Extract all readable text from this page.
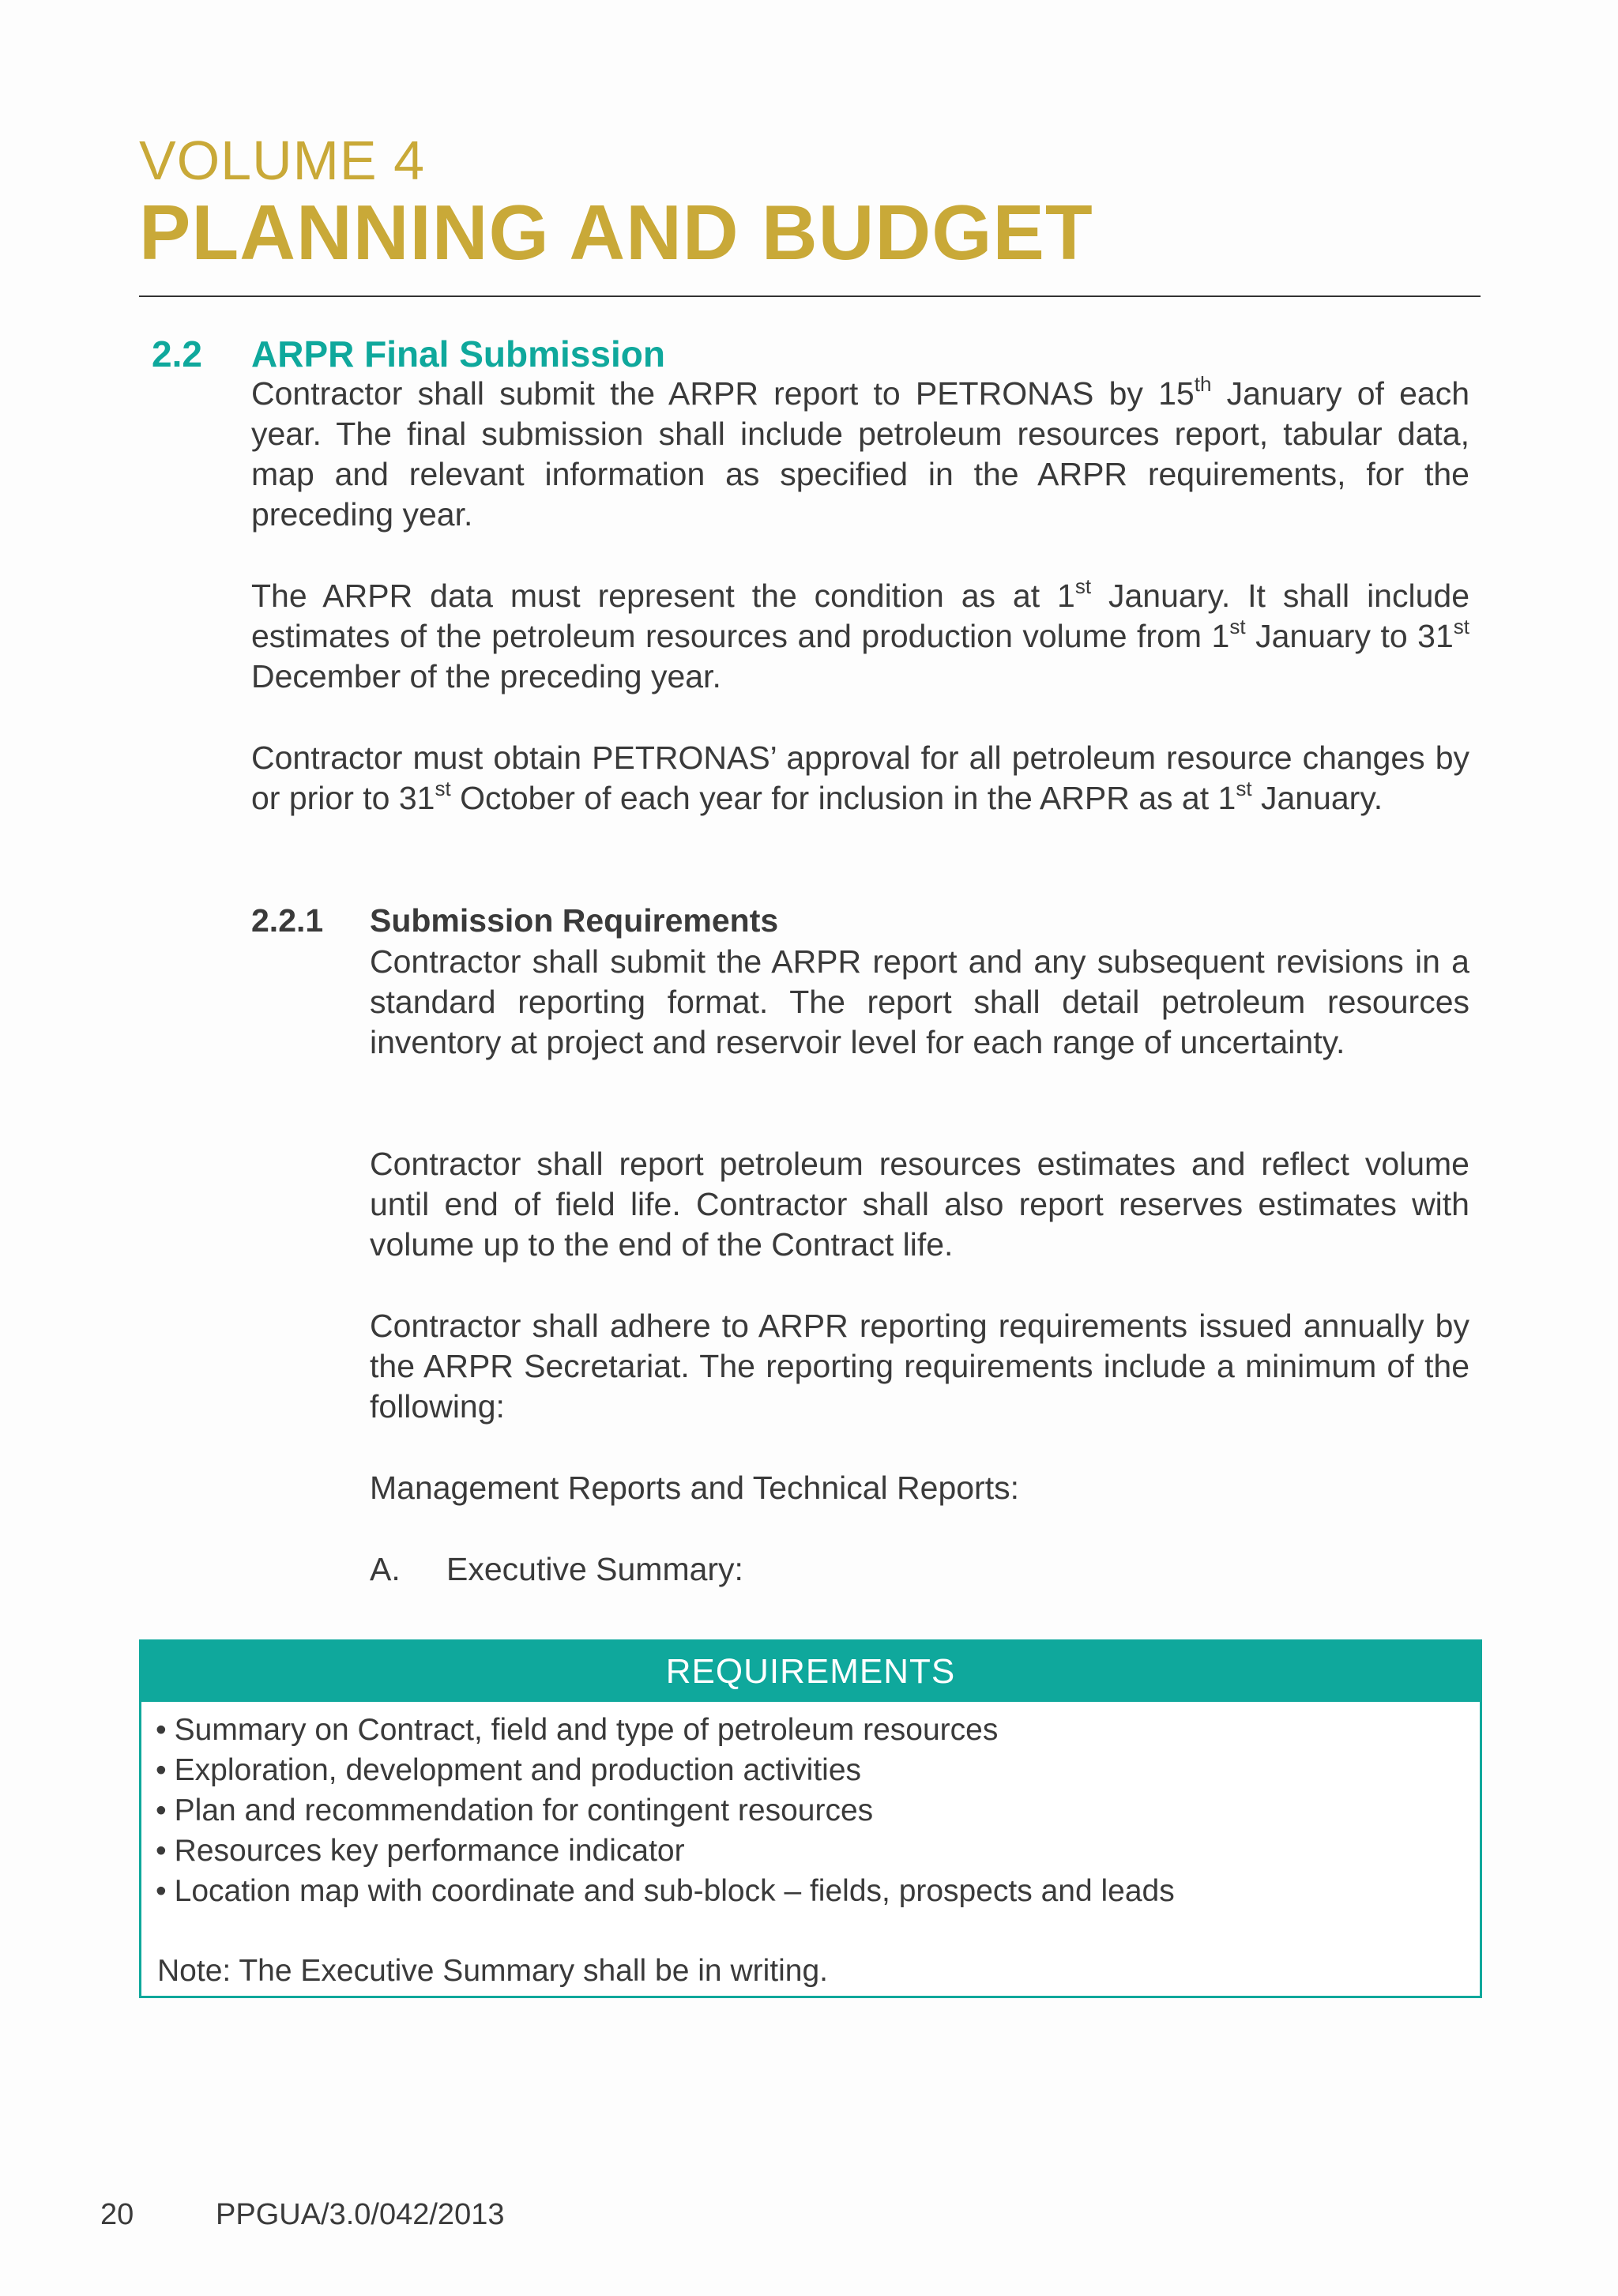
VOLUME 4
PLANNING AND BUDGET
2.2 ARPR Final Submission
Contractor shall submit the ARPR report to PETRONAS by 15th January of each year. The final submission shall include petroleum resources report, tabular data, map and relevant information as specified in the ARPR requirements, for the preceding year.
The ARPR data must represent the condition as at 1st January. It shall include estimates of the petroleum resources and production volume from 1st January to 31st December of the preceding year.
Contractor must obtain PETRONAS’ approval for all petroleum resource changes by or prior to 31st October of each year for inclusion in the ARPR as at 1st January.
2.2.1 Submission Requirements
Contractor shall submit the ARPR report and any subsequent revisions in a standard reporting format. The report shall detail petroleum resources inventory at project and reservoir level for each range of uncertainty.
Contractor shall report petroleum resources estimates and reflect volume until end of field life. Contractor shall also report reserves estimates with volume up to the end of the Contract life.
Contractor shall adhere to ARPR reporting requirements issued annually by the ARPR Secretariat. The reporting requirements include a minimum of the following:
Management Reports and Technical Reports:
A. Executive Summary:
REQUIREMENTS
• Summary on Contract, field and type of petroleum resources
• Exploration, development and production activities
• Plan and recommendation for contingent resources
• Resources key performance indicator
• Location map with coordinate and sub-block – fields, prospects and leads
Note: The Executive Summary shall be in writing.
20	PPGUA/3.0/042/2013
